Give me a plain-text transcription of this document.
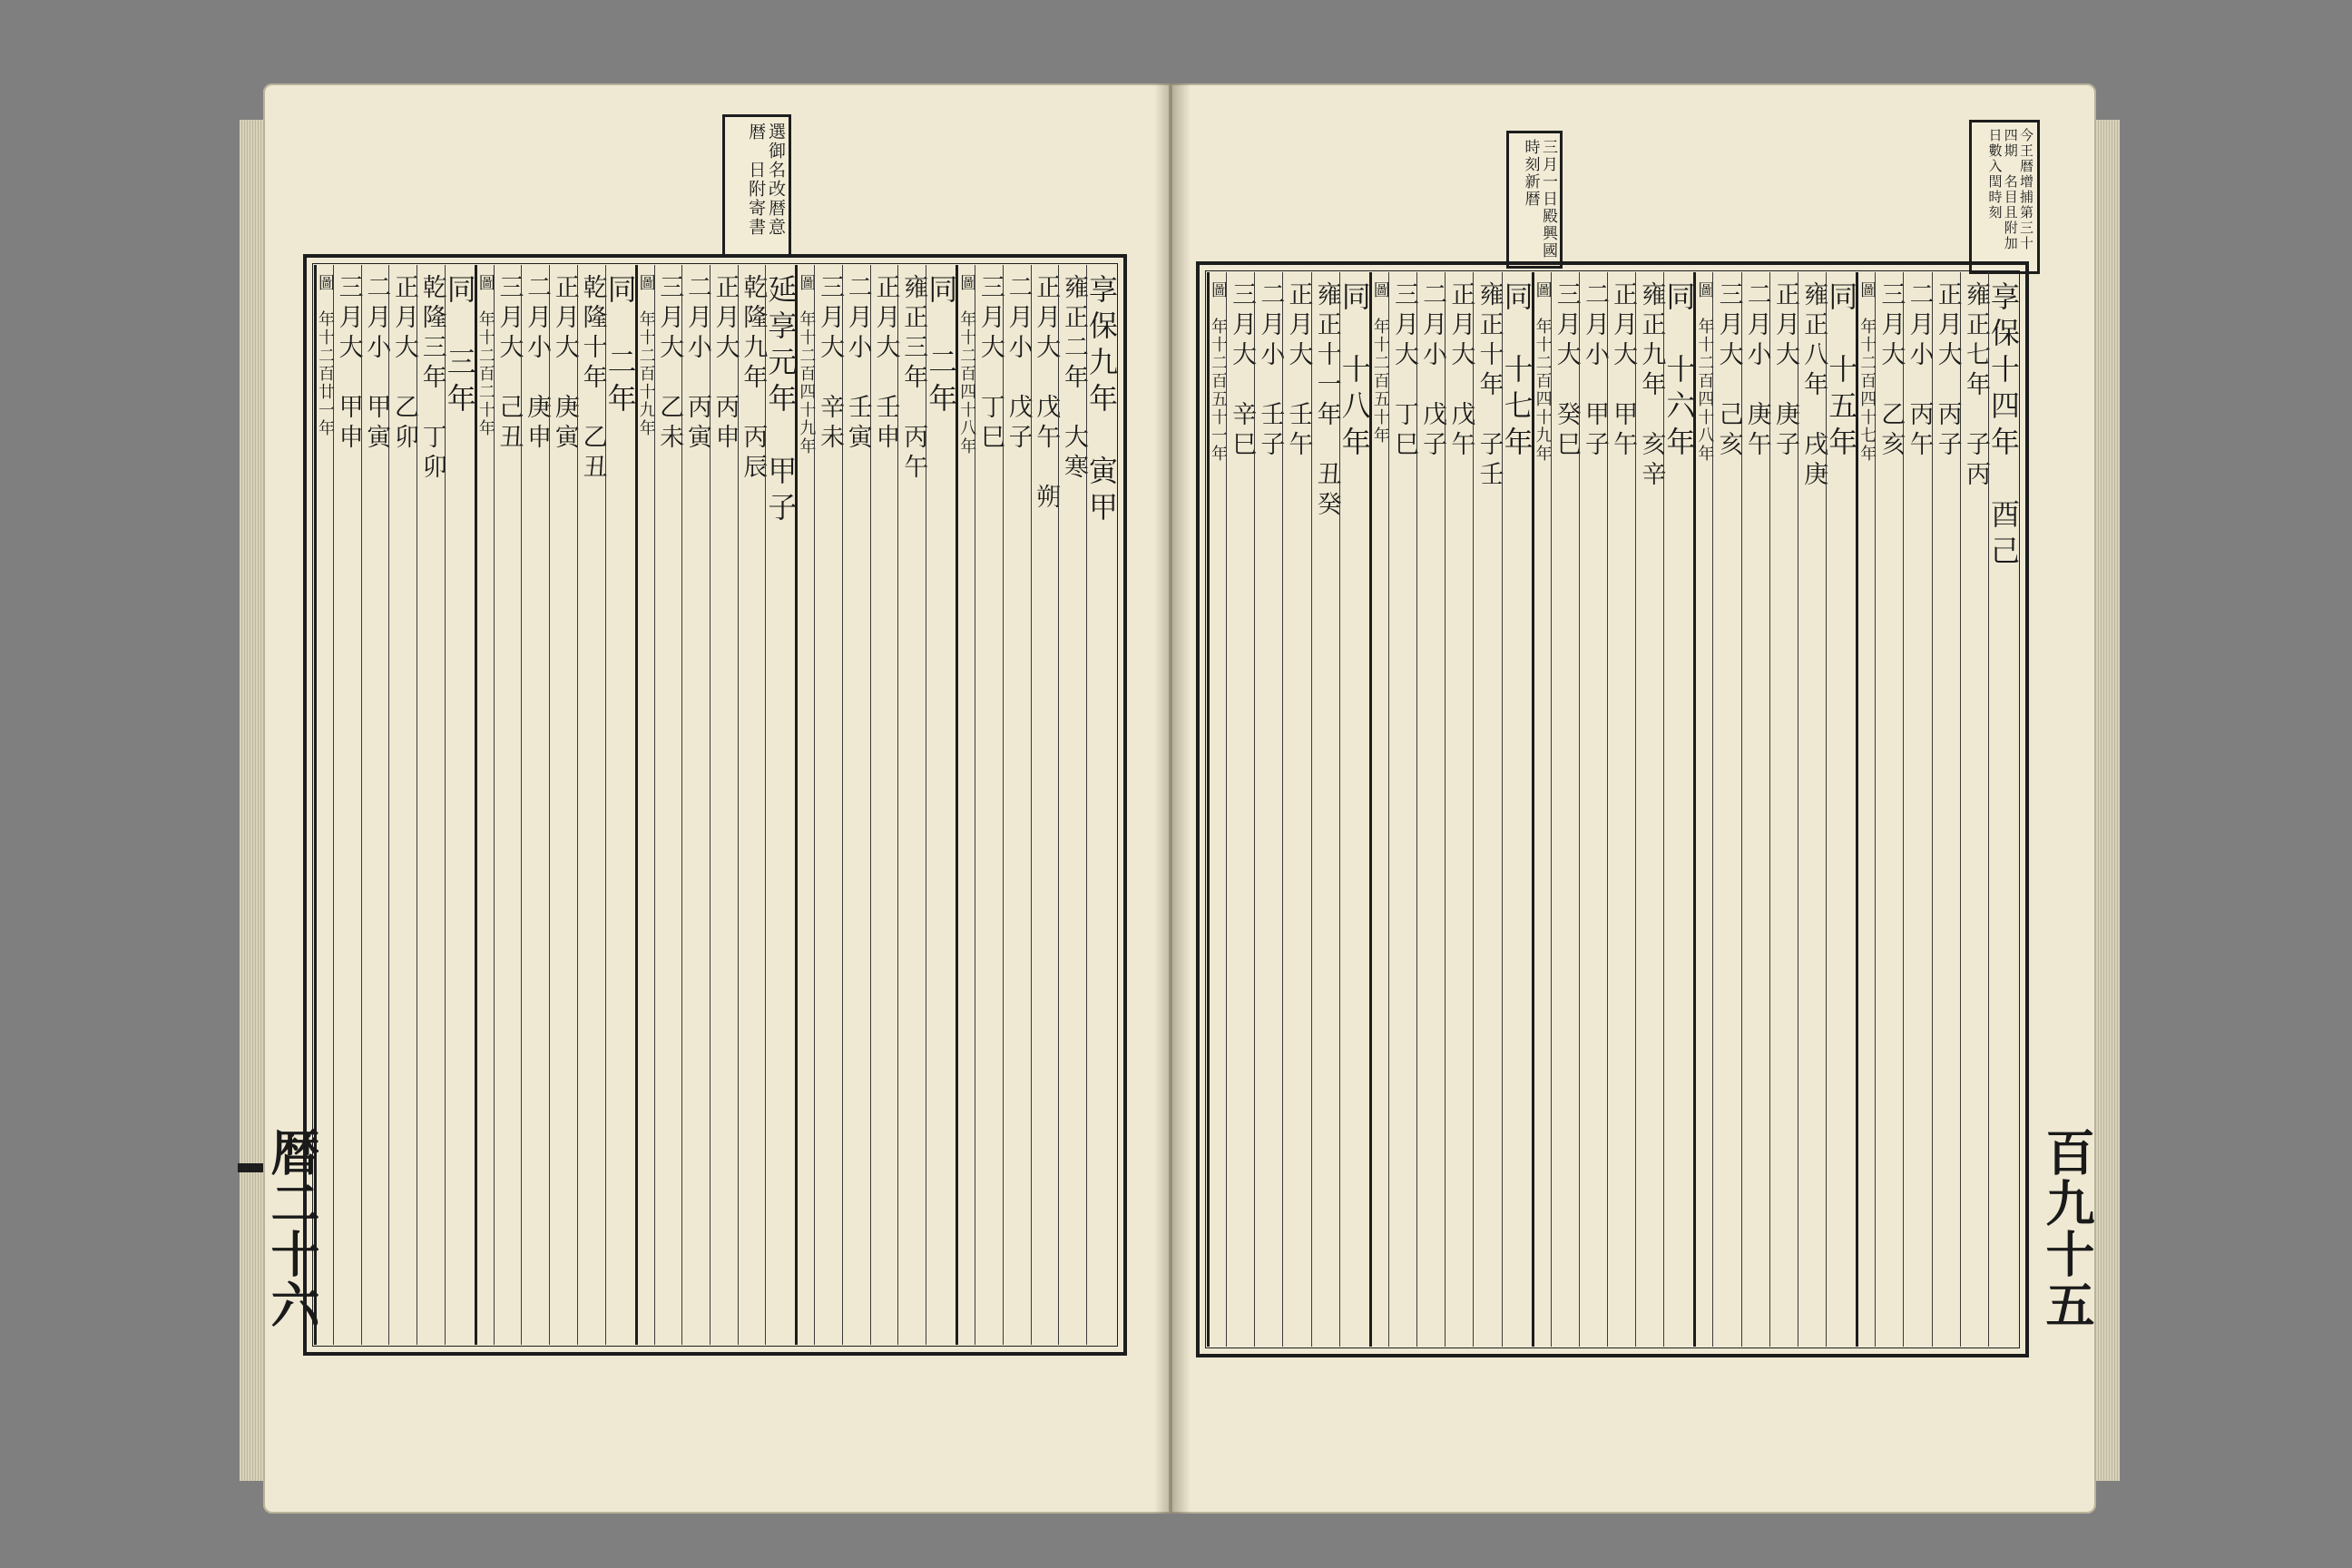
選御名改暦意暦　日附寄書
享保九年　寅甲
雍正二年　大寒
正月大　戊午　朔
二月小　戊子
三月大　丁巳
圖　年十二百四十八年
同　二年
雍正三年　丙午
正月大　壬申
二月小　壬寅
三月大　辛未
圖　年十二百四十九年
延享元年　甲子
乾隆九年　丙辰
正月大　丙申
二月小　丙寅
三月大　乙未
圖　年十二百十九年
同　二年
乾隆十年　乙丑
正月大　庚寅
二月小　庚申
三月大　己丑
圖　年十二百二十年
同　三年
乾隆三年　丁卯
正月大　乙卯
二月小　甲寅
三月大　甲申
圖　年十二百廿一年
暦二十六
三月一日殿興國　時刻新暦	今王暦增捕第三十四期　名目且附加日數入閏時刻
享保十四年　酉己
雍正七年　子丙
正月大　丙子
二月小　丙午
三月大　乙亥
圖　年十二百四十七年
同　十五年
雍正八年　戌庚
正月大　庚子
二月小　庚午
三月大　己亥
圖　年十二百四十八年
同　十六年
雍正九年　亥辛
正月大　甲午
二月小　甲子
三月大　癸巳
圖　年十二百四十九年
同　十七年
雍正十年　子壬
正月大　戊午
二月小　戊子
三月大　丁巳
圖　年十二百五十年
同　十八年
雍正十一年　丑癸
正月大　壬午
二月小　壬子
三月大　辛巳
圖　年十二百五十一年
百九十五
